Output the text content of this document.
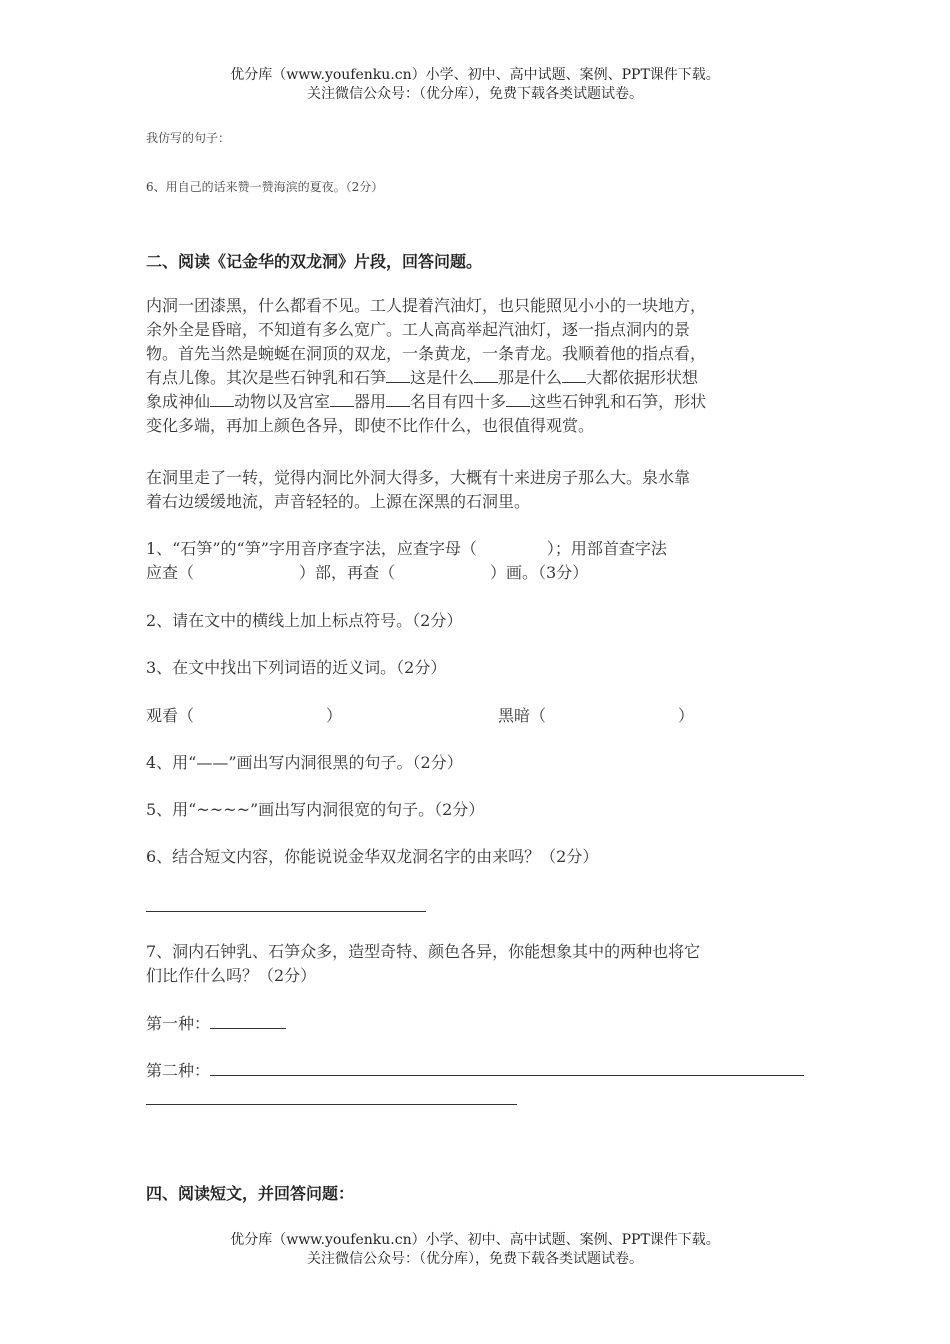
优分库（www.youfenku.cn）小学、初中、高中试题、案例、PPT课件下载。
关注微信公众号：（优分库），免费下载各类试题试卷。
我仿写的句子：
6、用自己的话来赞一赞海滨的夏夜。（2分）
二、阅读《记金华的双龙洞》片段，回答问题。
内洞一团漆黑，什么都看不见。工人提着汽油灯，也只能照见小小的一块地方，
余外全是昏暗，不知道有多么宽广。工人高高举起汽油灯，逐一指点洞内的景
物。首先当然是蜿蜒在洞顶的双龙，一条黄龙，一条青龙。我顺着他的指点看，
有点儿像。其次是些石钟乳和石笋 这是什么 那是什么 大都依据形状想
象成神仙 动物以及宫室 器用 名目有四十多 这些石钟乳和石笋，形状
变化多端，再加上颜色各异，即使不比作什么，也很值得观赏。
在洞里走了一转，觉得内洞比外洞大得多，大概有十来进房子那么大。泉水靠
着右边缓缓地流，声音轻轻的。上源在深黑的石洞里。
1、“石笋”的“笋”字用音序查字法，应查字母（	）；用部首查字法
应查（	）部，再查（	）画。（3分）
2、请在文中的横线上加上标点符号。（2分）
3、在文中找出下列词语的近义词。（2分）
观看（	）	黑暗（	）
4、用“——”画出写内洞很黑的句子。（2分）
5、用“~~~~”画出写内洞很宽的句子。（2分）
6、结合短文内容，你能说说金华双龙洞名字的由来吗？（2分）
7、洞内石钟乳、石笋众多，造型奇特、颜色各异，你能想象其中的两种也将它
们比作什么吗？（2分）
第一种：
第二种：
四、阅读短文，并回答问题：
优分库（www.youfenku.cn）小学、初中、高中试题、案例、PPT课件下载。
关注微信公众号：（优分库），免费下载各类试题试卷。
